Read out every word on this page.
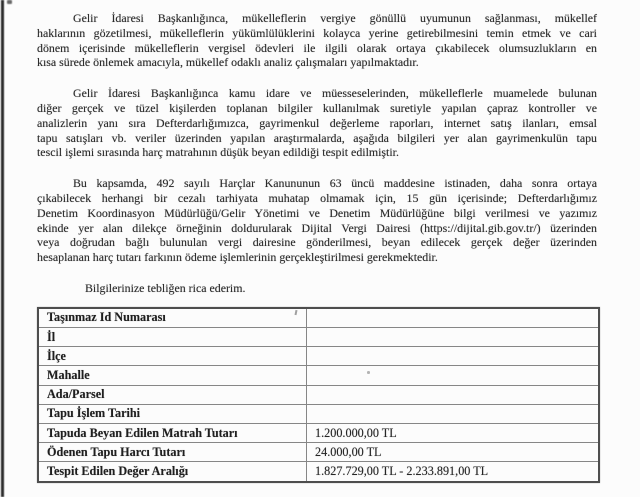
Gelir İdaresi Başkanlığınca, mükelleflerin vergiye gönüllü uyumunun sağlanması, mükellef
haklarının gözetilmesi, mükelleflerin yükümlülüklerini kolayca yerine getirebilmesini temin etmek ve cari
dönem içerisinde mükelleflerin vergisel ödevleri ile ilgili olarak ortaya çıkabilecek olumsuzlukların en
kısa sürede önlemek amacıyla, mükellef odaklı analiz çalışmaları yapılmaktadır.
Gelir İdaresi Başkanlığınca kamu idare ve müesseselerinden, mükelleflerle muamelede bulunan
diğer gerçek ve tüzel kişilerden toplanan bilgiler kullanılmak suretiyle yapılan çapraz kontroller ve
analizlerin yanı sıra Defterdarlığımızca, gayrimenkul değerleme raporları, internet satış ilanları, emsal
tapu satışları vb. veriler üzerinden yapılan araştırmalarda, aşağıda bilgileri yer alan gayrimenkulün tapu
tescil işlemi sırasında harç matrahının düşük beyan edildiği tespit edilmiştir.
Bu kapsamda, 492 sayılı Harçlar Kanununun 63 üncü maddesine istinaden, daha sonra ortaya
çıkabilecek herhangi bir cezalı tarhiyata muhatap olmamak için, 15 gün içerisinde; Defterdarlığımız
Denetim Koordinasyon Müdürlüğü/Gelir Yönetimi ve Denetim Müdürlüğüne bilgi verilmesi ve yazımız
ekinde yer alan dilekçe örneğinin doldurularak Dijital Vergi Dairesi (https://dijital.gib.gov.tr/) üzerinden
veya doğrudan bağlı bulunulan vergi dairesine gönderilmesi, beyan edilecek gerçek değer üzerinden
hesaplanan harç tutarı farkının ödeme işlemlerinin gerçekleştirilmesi gerekmektedir.
Bilgilerinize tebliğen rica ederim.
Taşınmaz Id Numarası	
İl	
İlçe	
Mahalle	
Ada/Parsel	
Tapu İşlem Tarihi	
Tapuda Beyan Edilen Matrah Tutarı	1.200.000,00 TL
Ödenen Tapu Harcı Tutarı	24.000,00 TL
Tespit Edilen Değer Aralığı	1.827.729,00 TL - 2.233.891,00 TL
